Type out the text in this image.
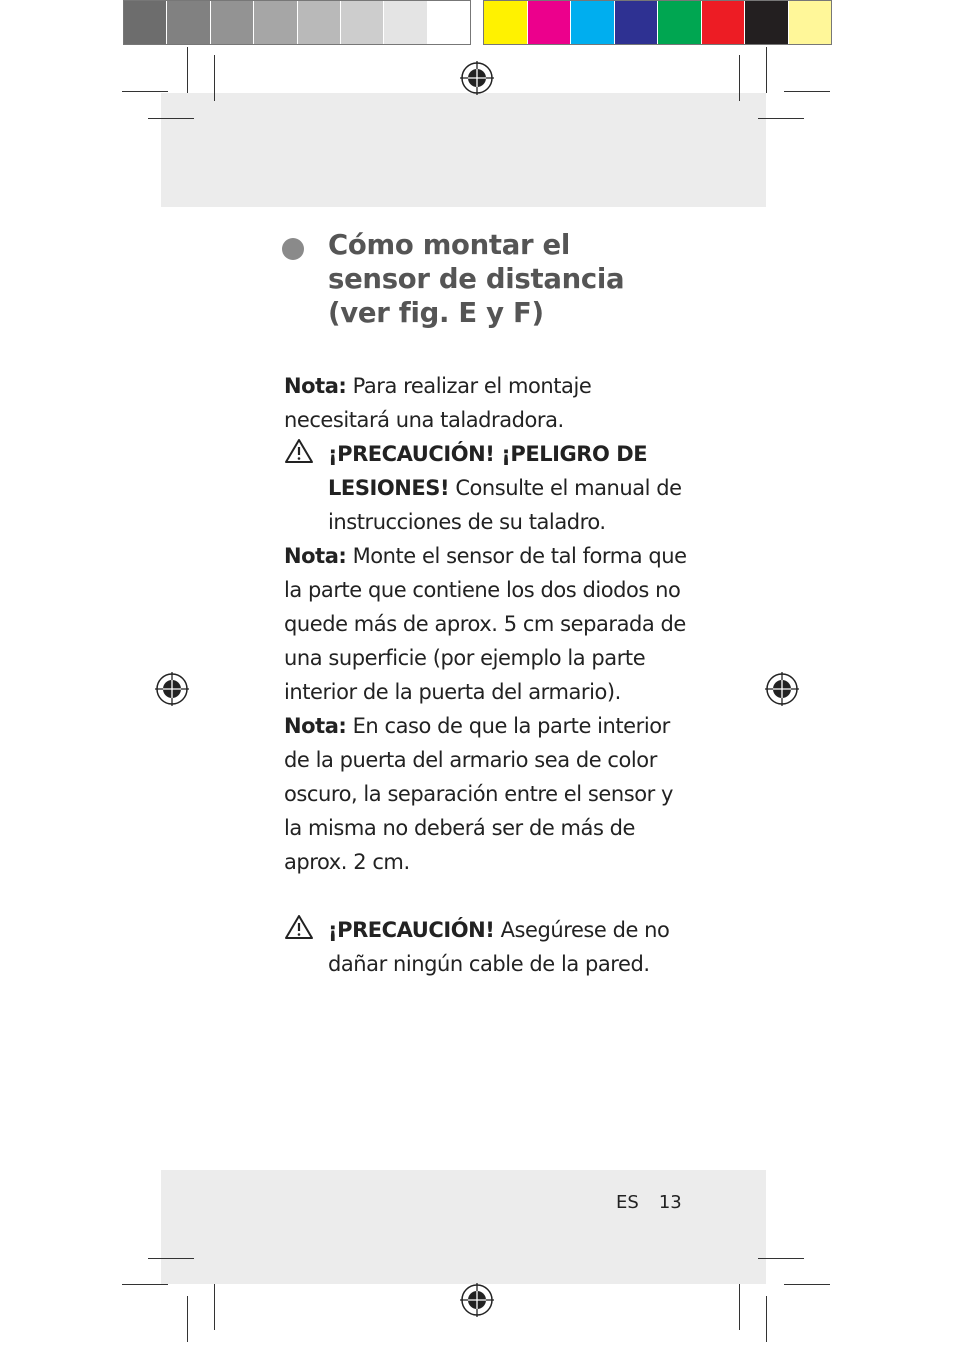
Cómo montar el
sensor de distancia
(ver fig. E y F)

Nota: Para realizar el montaje necesitará una taladradora.

¡PRECAUCIÓN! ¡PELIGRO DE LESIONES! Consulte el manual de instrucciones de su taladro.

Nota: Monte el sensor de tal forma que la parte que contiene los dos diodos no quede más de aprox. 5 cm separada de una superficie (por ejemplo la parte interior de la puerta del armario).

Nota: En caso de que la parte interior de la puerta del armario sea de color oscuro, la separación entre el sensor y la misma no deberá ser de más de aprox. 2 cm.

¡PRECAUCIÓN! Asegúrese de no dañar ningún cable de la pared.

ES 13
